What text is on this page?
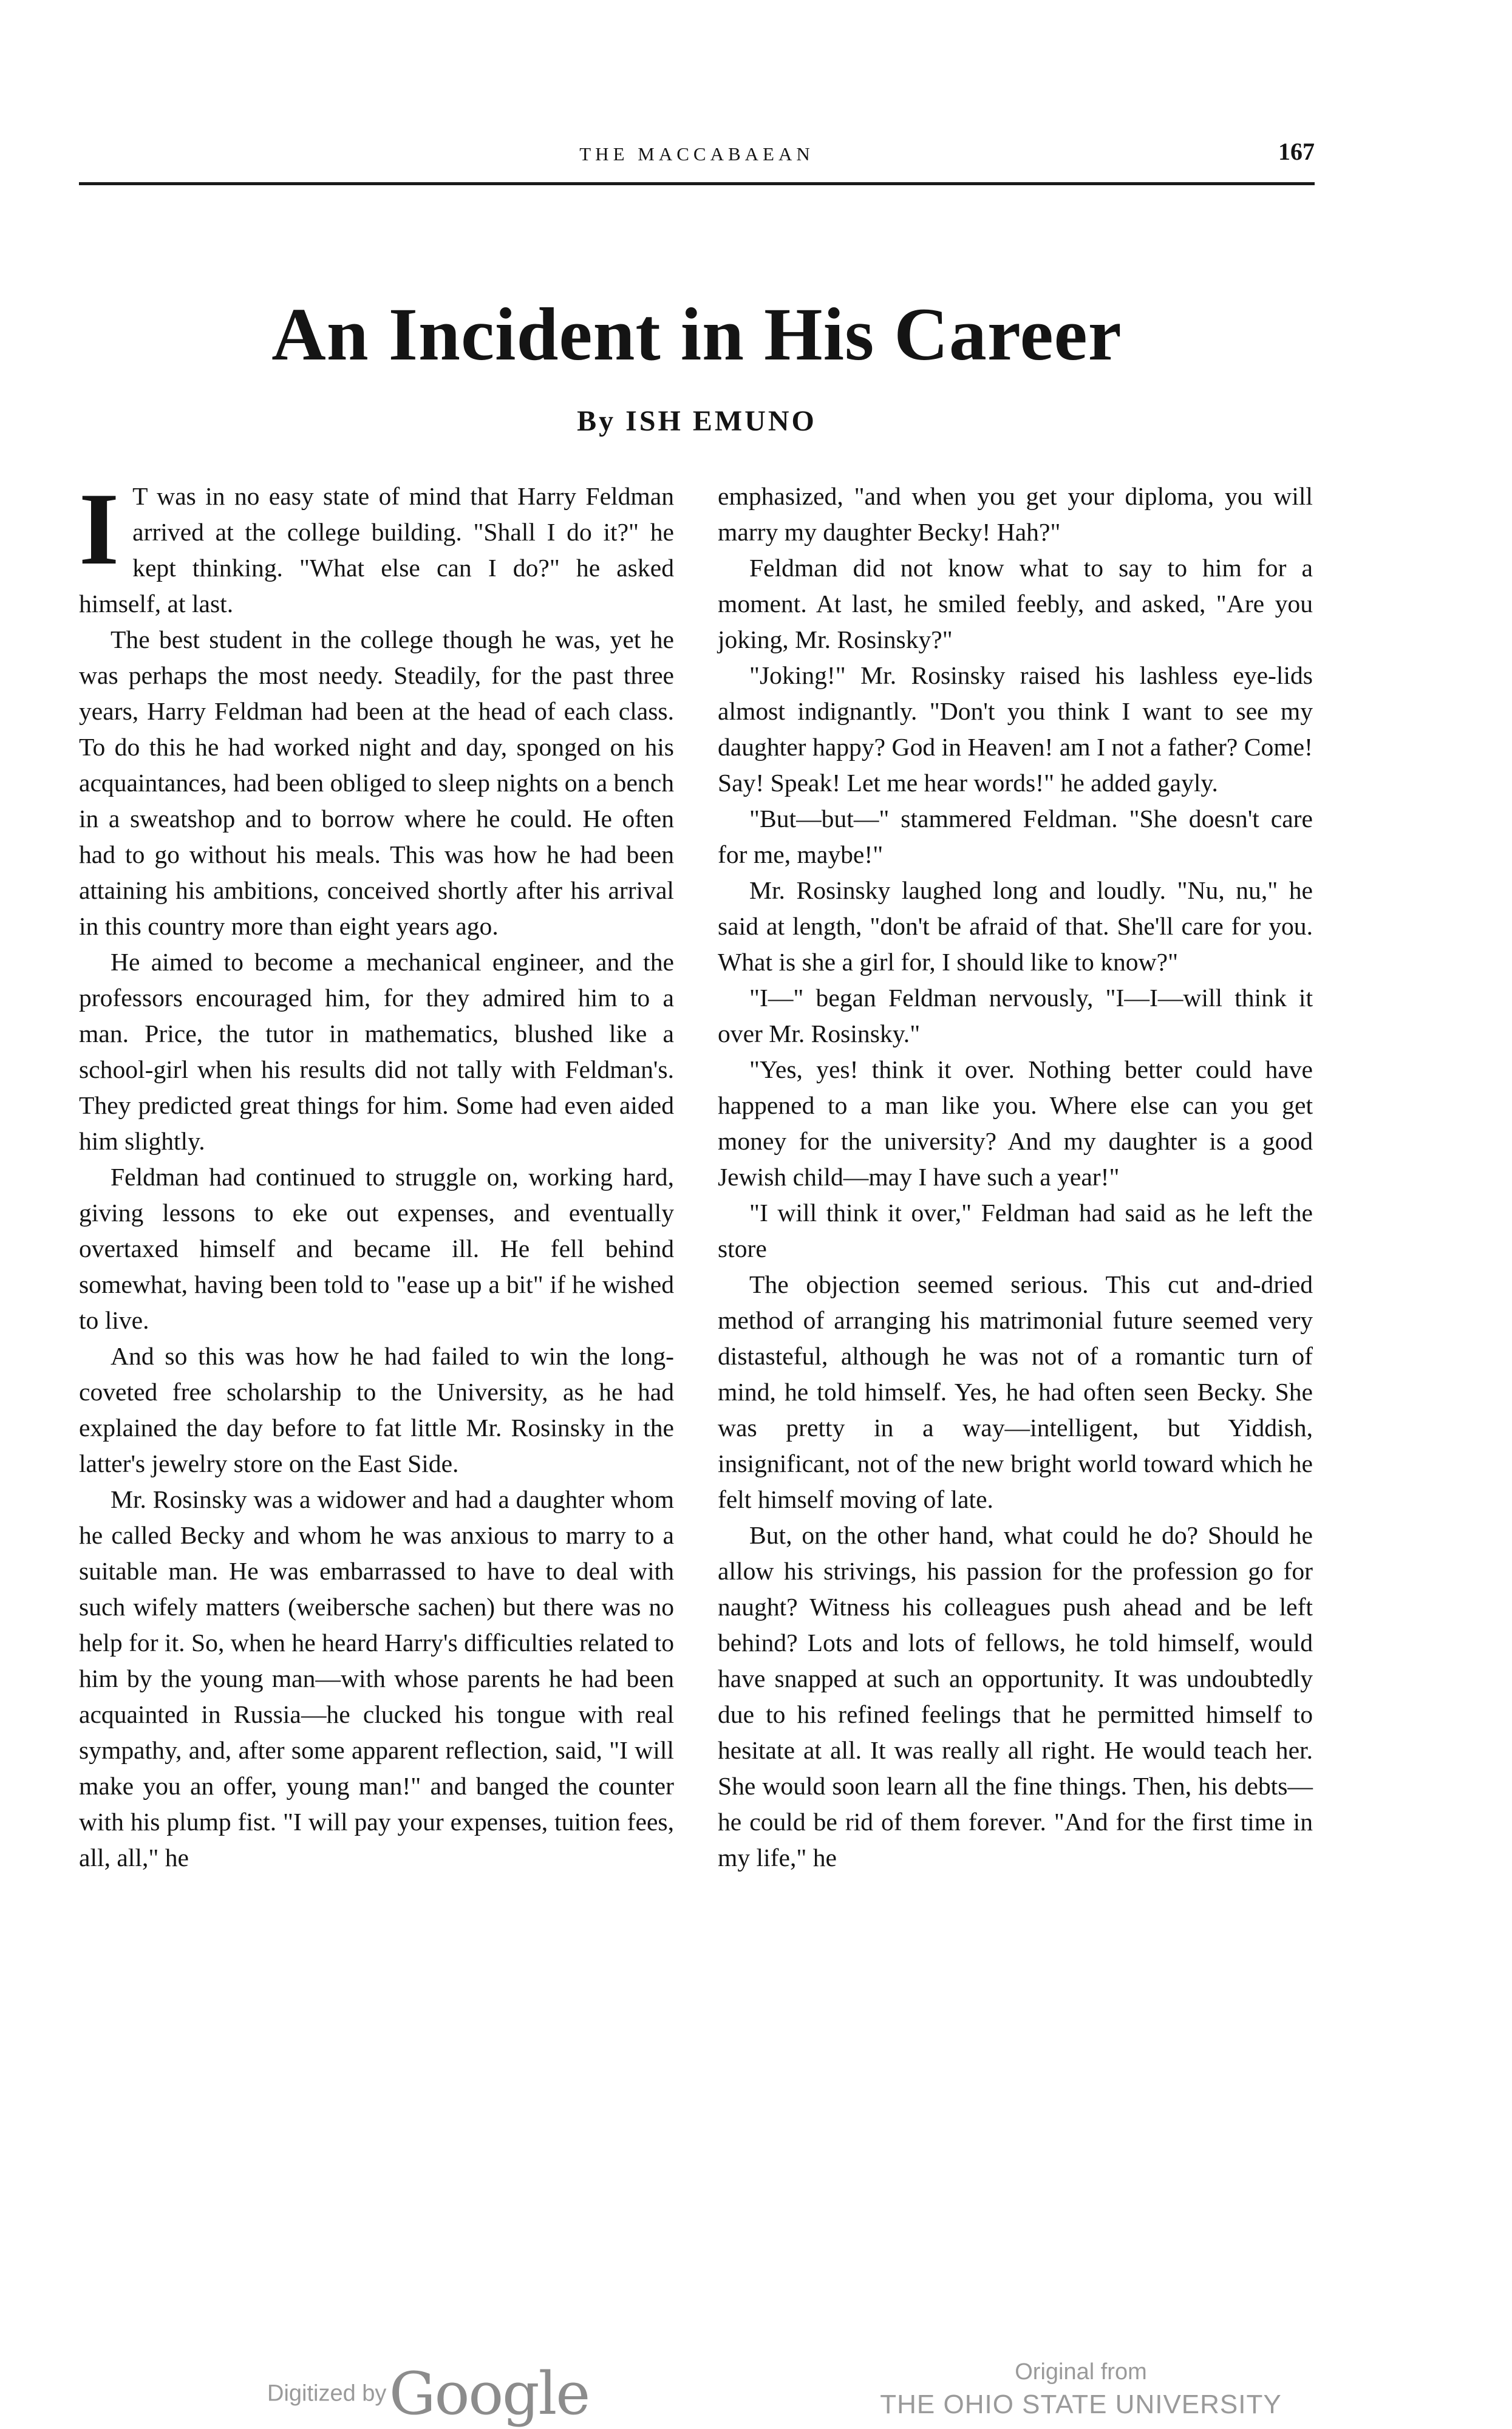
THE MACCABAEAN	167
An Incident in His Career
By ISH EMUNO

I T was in no easy state of mind that Harry Feldman arrived at the college building. "Shall I do it?" he kept thinking. "What else can I do?" he asked himself, at last.

The best student in the college though he was, yet he was perhaps the most needy. Steadily, for the past three years, Harry Feldman had been at the head of each class. To do this he had worked night and day, sponged on his acquaintances, had been obliged to sleep nights on a bench in a sweatshop and to borrow where he could. He often had to go without his meals. This was how he had been attaining his ambitions, conceived shortly after his arrival in this country more than eight years ago.

He aimed to become a mechanical engineer, and the professors encouraged him, for they admired him to a man. Price, the tutor in mathematics, blushed like a school-girl when his results did not tally with Feldman's. They predicted great things for him. Some had even aided him slightly.

Feldman had continued to struggle on, working hard, giving lessons to eke out expenses, and eventually overtaxed himself and became ill. He fell behind somewhat, having been told to "ease up a bit" if he wished to live.

And so this was how he had failed to win the long-coveted free scholarship to the University, as he had explained the day before to fat little Mr. Rosinsky in the latter's jewelry store on the East Side.

Mr. Rosinsky was a widower and had a daughter whom he called Becky and whom he was anxious to marry to a suitable man. He was embarrassed to have to deal with such wifely matters (weibersche sachen) but there was no help for it. So, when he heard Harry's difficulties related to him by the young man—with whose parents he had been acquainted in Russia—he clucked his tongue with real sympathy, and, after some apparent reflection, said, "I will make you an offer, young man!" and banged the counter with his plump fist. "I will pay your expenses, tuition fees, all, all," he

emphasized, "and when you get your diploma, you will marry my daughter Becky! Hah?"

Feldman did not know what to say to him for a moment. At last, he smiled feebly, and asked, "Are you joking, Mr. Rosinsky?"

"Joking!" Mr. Rosinsky raised his lashless eye-lids almost indignantly. "Don't you think I want to see my daughter happy? God in Heaven! am I not a father? Come! Say! Speak! Let me hear words!" he added gayly.

"But—but—" stammered Feldman. "She doesn't care for me, maybe!"

Mr. Rosinsky laughed long and loudly. "Nu, nu," he said at length, "don't be afraid of that. She'll care for you. What is she a girl for, I should like to know?"

"I—" began Feldman nervously, "I—I—will think it over Mr. Rosinsky."

"Yes, yes! think it over. Nothing better could have happened to a man like you. Where else can you get money for the university? And my daughter is a good Jewish child—may I have such a year!"

"I will think it over," Feldman had said as he left the store

The objection seemed serious. This cut and-dried method of arranging his matrimonial future seemed very distasteful, although he was not of a romantic turn of mind, he told himself. Yes, he had often seen Becky. She was pretty in a way—intelligent, but Yiddish, insignificant, not of the new bright world toward which he felt himself moving of late.

But, on the other hand, what could he do? Should he allow his strivings, his passion for the profession go for naught? Witness his colleagues push ahead and be left behind? Lots and lots of fellows, he told himself, would have snapped at such an opportunity. It was undoubtedly due to his refined feelings that he permitted himself to hesitate at all. It was really all right. He would teach her. She would soon learn all the fine things. Then, his debts—he could be rid of them forever. "And for the first time in my life," he

Digitized by Google	Original from
THE OHIO STATE UNIVERSITY
